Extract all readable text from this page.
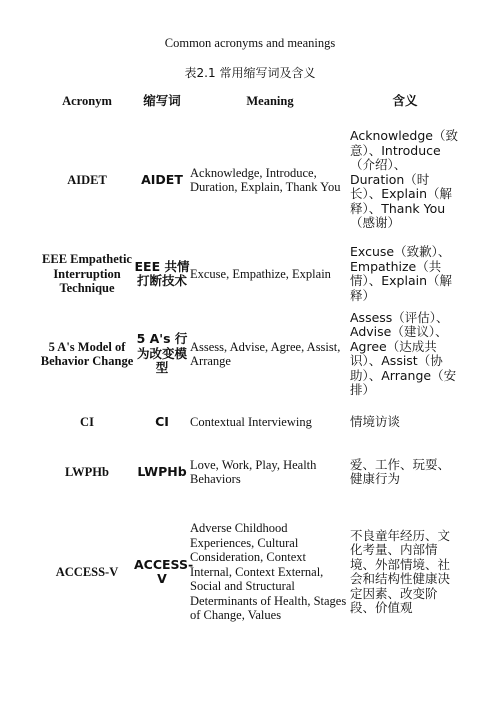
Common acronyms and meanings
表2.1 常用缩写词及含义
Acronym	缩写词	Meaning	含义
AIDET	AIDET	Acknowledge, Introduce, Duration, Explain, Thank You	Acknowledge（致意）、Introduce（介绍）、Duration（时长）、Explain（解释）、Thank You（感谢）
EEE Empathetic Interruption Technique	EEE 共情打断技术	Excuse, Empathize, Explain	Excuse（致歉）、Empathize（共情）、Explain（解释）
5 A's Model of Behavior Change	5 A's 行为改变模型	Assess, Advise, Agree, Assist, Arrange	Assess（评估）、Advise（建议）、Agree（达成共识）、Assist（协助）、Arrange（安排）
CI	CI	Contextual Interviewing	情境访谈
LWPHb	LWPHb	Love, Work, Play, Health Behaviors	爱、工作、玩耍、健康行为
ACCESS-V	ACCESS-V	Adverse Childhood Experiences, Cultural Consideration, Context Internal, Context External, Social and Structural Determinants of Health, Stages of Change, Values	不良童年经历、文化考量、内部情境、外部情境、社会和结构性健康决定因素、改变阶段、价值观
